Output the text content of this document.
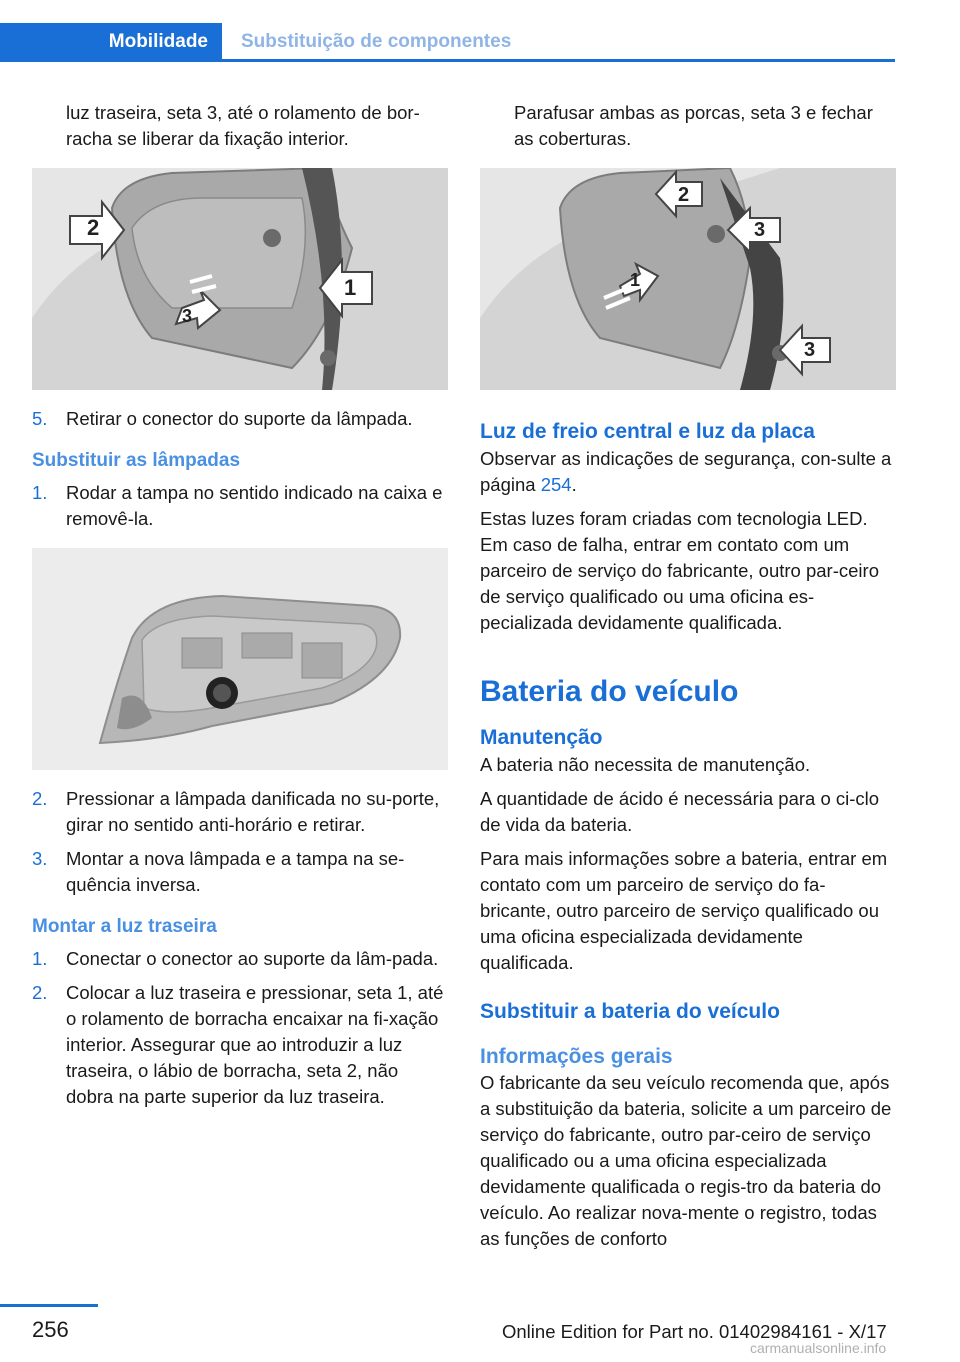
Mobilidade	Substituição de componentes

luz traseira, seta 3, até o rolamento de bor-
racha se liberar da fixação interior.

2
3
1
5. Retirar o conector do suporte da lâmpada.
Substituir as lâmpadas
1. Rodar a tampa no sentido indicado na caixa e removê-la.
2. Pressionar a lâmpada danificada no su-porte, girar no sentido anti-horário e retirar.
3. Montar a nova lâmpada e a tampa na se-quência inversa.
Montar a luz traseira
1. Conectar o conector ao suporte da lâm-pada.
2. Colocar a luz traseira e pressionar, seta 1, até o rolamento de borracha encaixar na fi-xação interior. Assegurar que ao introduzir a luz traseira, o lábio de borracha, seta 2, não dobra na parte superior da luz traseira.

Parafusar ambas as porcas, seta 3 e fechar as coberturas.

2
3
1
3
Luz de freio central e luz da placa

Observar as indicações de segurança, con-sulte a página 254.

Estas luzes foram criadas com tecnologia LED. Em caso de falha, entrar em contato com um parceiro de serviço do fabricante, outro par-ceiro de serviço qualificado ou uma oficina es-pecializada devidamente qualificada.

Bateria do veículo
Manutenção

A bateria não necessita de manutenção.

A quantidade de ácido é necessária para o ci-clo de vida da bateria.

Para mais informações sobre a bateria, entrar em contato com um parceiro de serviço do fa-bricante, outro parceiro de serviço qualificado ou uma oficina especializada devidamente qualificada.

Substituir a bateria do veículo
Informações gerais

O fabricante da seu veículo recomenda que, após a substituição da bateria, solicite a um parceiro de serviço do fabricante, outro par-ceiro de serviço qualificado ou a uma oficina especializada devidamente qualificada o regis-tro da bateria do veículo. Ao realizar nova-mente o registro, todas as funções de conforto

256	Online Edition for Part no. 01402984161 - X/17
carmanualsonline.info
